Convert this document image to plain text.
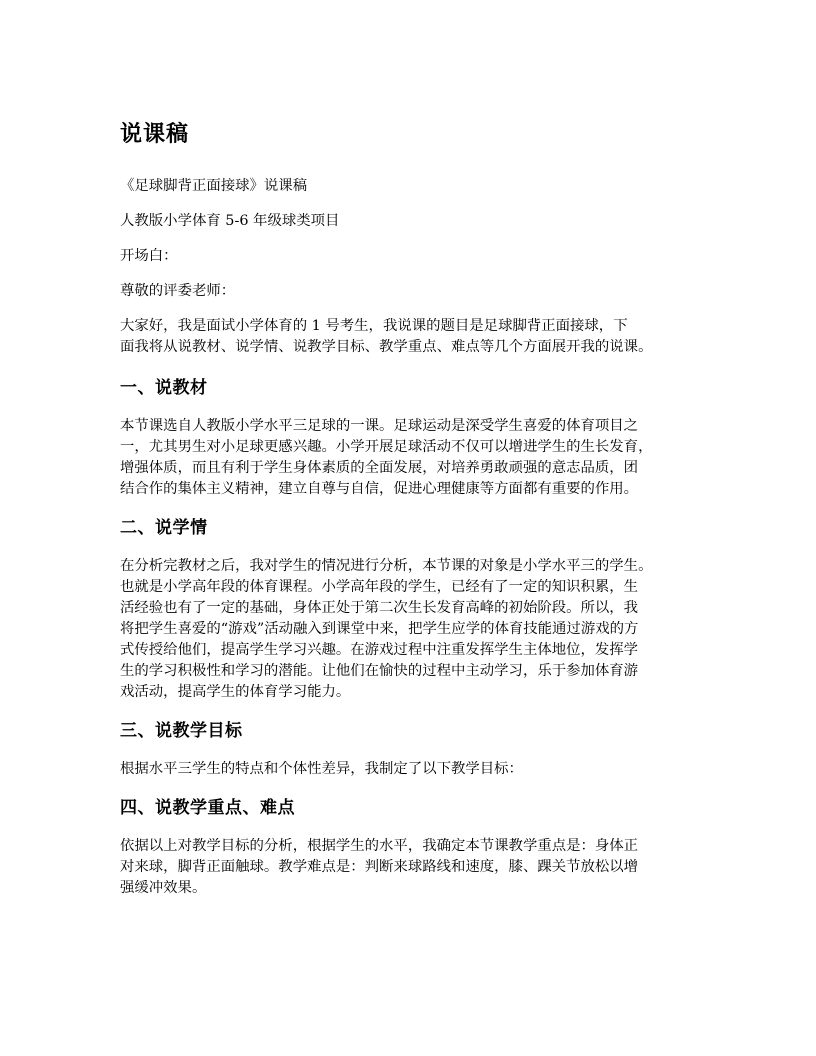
说课稿

《足球脚背正面接球》说课稿

人教版小学体育 5-6 年级球类项目

开场白：

尊敬的评委老师：

大家好，我是面试小学体育的 1 号考生，我说课的题目是足球脚背正面接球，下
面我将从说教材、说学情、说教学目标、教学重点、难点等几个方面展开我的说课。

一、说教材

本节课选自人教版小学水平三足球的一课。足球运动是深受学生喜爱的体育项目之
一，尤其男生对小足球更感兴趣。小学开展足球活动不仅可以增进学生的生长发育，
增强体质，而且有利于学生身体素质的全面发展，对培养勇敢顽强的意志品质，团
结合作的集体主义精神，建立自尊与自信，促进心理健康等方面都有重要的作用。

二、说学情

在分析完教材之后，我对学生的情况进行分析，本节课的对象是小学水平三的学生。
也就是小学高年段的体育课程。小学高年段的学生，已经有了一定的知识积累，生
活经验也有了一定的基础，身体正处于第二次生长发育高峰的初始阶段。所以，我
将把学生喜爱的“游戏”活动融入到课堂中来，把学生应学的体育技能通过游戏的方
式传授给他们，提高学生学习兴趣。在游戏过程中注重发挥学生主体地位，发挥学
生的学习积极性和学习的潜能。让他们在愉快的过程中主动学习，乐于参加体育游
戏活动，提高学生的体育学习能力。

三、说教学目标

根据水平三学生的特点和个体性差异，我制定了以下教学目标：

四、说教学重点、难点

依据以上对教学目标的分析，根据学生的水平，我确定本节课教学重点是：身体正
对来球，脚背正面触球。教学难点是：判断来球路线和速度，膝、踝关节放松以增
强缓冲效果。
